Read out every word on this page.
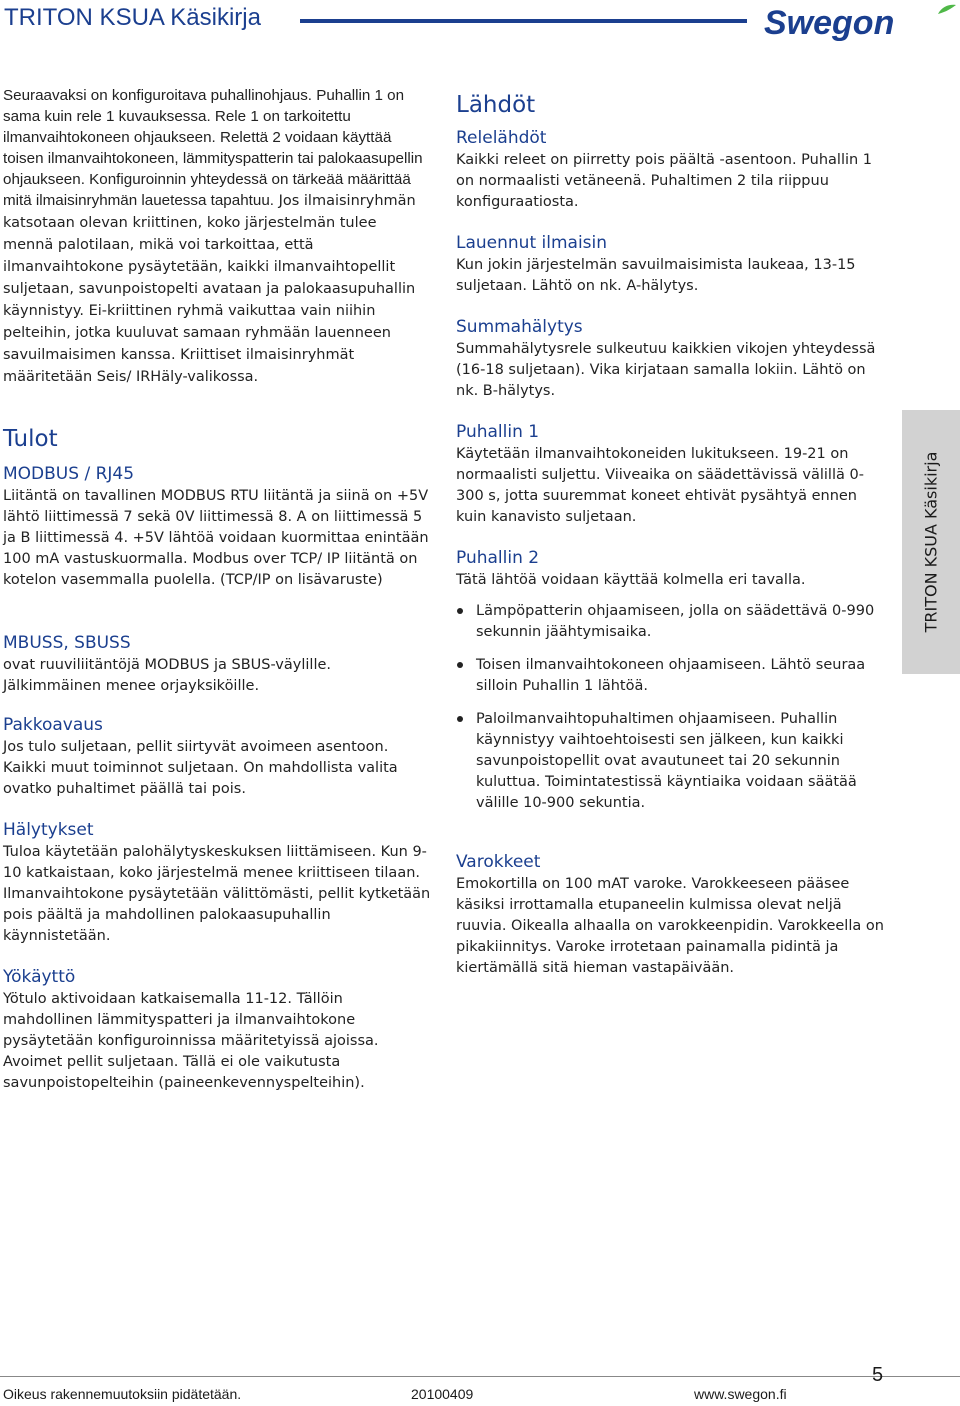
TRITON KSUA Käsikirja	Swegon

Seuraavaksi on konfiguroitava puhallinohjaus. Puhallin 1 on sama kuin rele 1 kuvauksessa. Rele 1 on tarkoitettu ilmanvaihtokoneen ohjaukseen. Relettä 2 voidaan käyttää toisen ilmanvaihtokoneen, lämmityspatterin tai palokaasupellin ohjaukseen. Konfiguroinnin yhteydessä on tärkeää määrittää mitä ilmaisinryhmän lauetessa tapahtuu. Jos ilmaisinryhmän katsotaan olevan kriittinen, koko järjestelmän tulee mennä palotilaan, mikä voi tarkoittaa, että ilmanvaihtokone pysäytetään, kaikki ilmanvaihtopellit suljetaan, savunpoistopelti avataan ja palokaasupuhallin käynnistyy. Ei-kriittinen ryhmä vaikuttaa vain niihin pelteihin, jotka kuuluvat samaan ryhmään lauenneen savuilmaisimen kanssa. Kriittiset ilmaisinryhmät määritetään Seis/ IRHäly-valikossa.

Tulot
MODBUS / RJ45

Liitäntä on tavallinen MODBUS RTU liitäntä ja siinä on +5V lähtö liittimessä 7 sekä 0V liittimessä 8. A on liittimessä 5 ja B liittimessä 4. +5V lähtöä voidaan kuormittaa enintään 100 mA vastuskuormalla. Modbus over TCP/ IP liitäntä on kotelon vasemmalla puolella. (TCP/IP on lisävaruste)

MBUSS, SBUSS

ovat ruuviliitäntöjä MODBUS ja SBUS-väylille. Jälkimmäinen menee orjayksiköille.

Pakkoavaus

Jos tulo suljetaan, pellit siirtyvät avoimeen asentoon. Kaikki muut toiminnot suljetaan. On mahdollista valita ovatko puhaltimet päällä tai pois.

Hälytykset

Tuloa käytetään palohälytyskeskuksen liittämiseen. Kun 9-10 katkaistaan, koko järjestelmä menee kriittiseen tilaan. Ilmanvaihtokone pysäytetään välittömästi, pellit kytketään pois päältä ja mahdollinen palokaasupuhallin käynnistetään.

Yökäyttö

Yötulo aktivoidaan katkaisemalla 11-12. Tällöin mahdollinen lämmityspatteri ja ilmanvaihtokone pysäytetään konfiguroinnissa määritetyissä ajoissa. Avoimet pellit suljetaan. Tällä ei ole vaikutusta savunpoistopelteihin (paineenkevennyspelteihin).

Lähdöt
Relelähdöt

Kaikki releet on piirretty pois päältä -asentoon. Puhallin 1 on normaalisti vetäneenä. Puhaltimen 2 tila riippuu konfiguraatiosta.

Lauennut ilmaisin

Kun jokin järjestelmän savuilmaisimista laukeaa, 13-15 suljetaan. Lähtö on nk. A-hälytys.

Summahälytys

Summahälytysrele sulkeutuu kaikkien vikojen yhteydessä (16-18 suljetaan). Vika kirjataan samalla lokiin. Lähtö on nk. B-hälytys.

Puhallin 1

Käytetään ilmanvaihtokoneiden lukitukseen. 19-21 on normaalisti suljettu. Viiveaika on säädettävissä välillä 0-300 s, jotta suuremmat koneet ehtivät pysähtyä ennen kuin kanavisto suljetaan.

Puhallin 2

Tätä lähtöä voidaan käyttää kolmella eri tavalla.

Lämpöpatterin ohjaamiseen, jolla on säädettävä 0-990 sekunnin jäähtymisaika.
Toisen ilmanvaihtokoneen ohjaamiseen. Lähtö seuraa silloin Puhallin 1 lähtöä.
Paloilmanvaihtopuhaltimen ohjaamiseen. Puhallin käynnistyy vaihtoehtoisesti sen jälkeen, kun kaikki savunpoistopellit ovat avautuneet tai 20 sekunnin kuluttua. Toimintatestissä käyntiaika voidaan säätää välille 10-900 sekuntia.
Varokkeet

Emokortilla on 100 mAT varoke. Varokkeeseen pääsee käsiksi irrottamalla etupaneelin kulmissa olevat neljä ruuvia. Oikealla alhaalla on varokkeenpidin. Varokkeella on pikakiinnitys. Varoke irrotetaan painamalla pidintä ja kiertämällä sitä hieman vastapäivään.

TRITON KSUA Käsikirja
Oikeus rakennemuutoksiin pidätetään.	20100409	www.swegon.fi
5
